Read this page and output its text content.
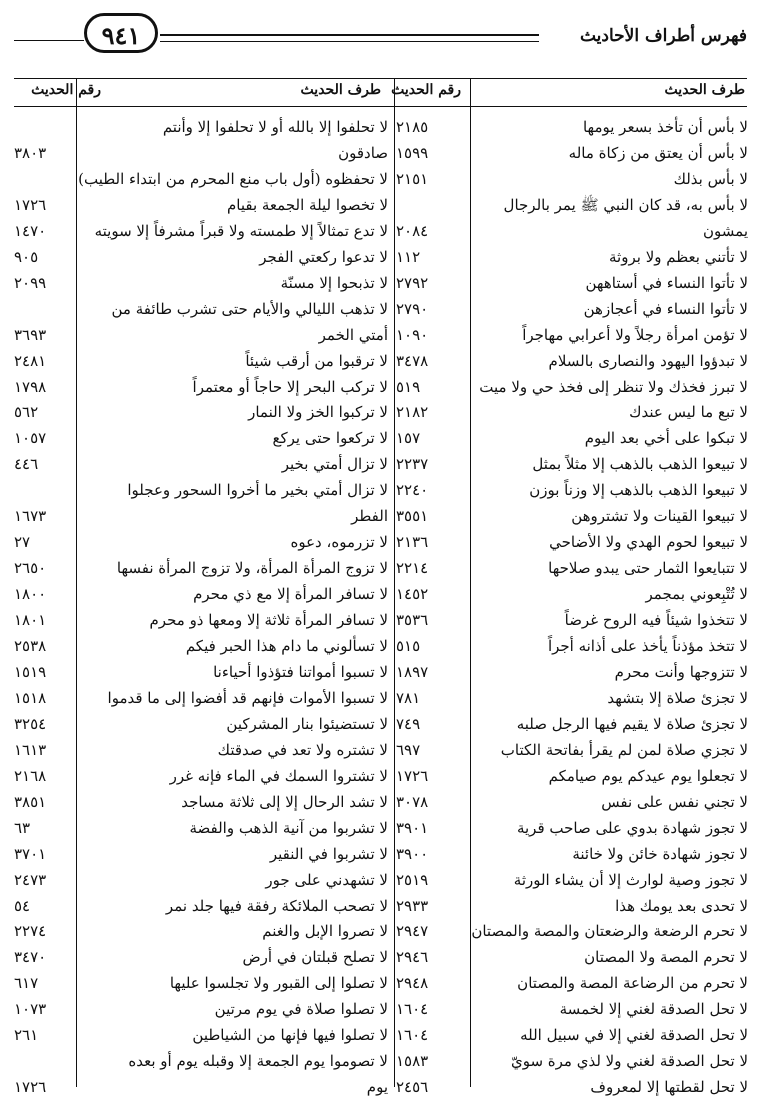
فهرس أطراف الأحاديث
٩٤١
طرف الحديث
رقم الحديث
طرف الحديث
رقم الحديث
لا بأس أن تأخذ بسعر يومها
٢١٨٥
لا بأس أن يعتق من زكاة ماله
١٥٩٩
لا بأس بذلك
٢١٥١
لا بأس به، قد كان النبي ﷺ يمر بالرجال
يمشون
٢٠٨٤
لا تأتني بعظم ولا بروثة
١١٢
لا تأتوا النساء في أستاههن
٢٧٩٢
لا تأتوا النساء في أعجازهن
٢٧٩٠
لا تؤمن امرأة رجلاً ولا أعرابي مهاجراً
١٠٩٠
لا تبدؤوا اليهود والنصارى بالسلام
٣٤٧٨
لا تبرز فخذك ولا تنظر إلى فخذ حي ولا ميت
٥١٩
لا تبع ما ليس عندك
٢١٨٢
لا تبكوا على أخي بعد اليوم
١٥٧
لا تبيعوا الذهب بالذهب إلا مثلاً بمثل
٢٢٣٧
لا تبيعوا الذهب بالذهب إلا وزناً بوزن
٢٢٤٠
لا تبيعوا القينات ولا تشتروهن
٣٥٥١
لا تبيعوا لحوم الهدي ولا الأضاحي
٢١٣٦
لا تتبايعوا الثمار حتى يبدو صلاحها
٢٢١٤
لا تُتْبِعوني بمجمر
١٤٥٢
لا تتخذوا شيئاً فيه الروح غرضاً
٣٥٣٦
لا تتخذ مؤذناً يأخذ على أذانه أجراً
٥١٥
لا تتزوجها وأنت محرم
١٨٩٧
لا تجزئ صلاة إلا بتشهد
٧٨١
لا تجزئ صلاة لا يقيم فيها الرجل صلبه
٧٤٩
لا تجزي صلاة لمن لم يقرأ بفاتحة الكتاب
٦٩٧
لا تجعلوا يوم عيدكم يوم صيامكم
١٧٢٦
لا تجني نفس على نفس
٣٠٧٨
لا تجوز شهادة بدوي على صاحب قرية
٣٩٠١
لا تجوز شهادة خائن ولا خائنة
٣٩٠٠
لا تجوز وصية لوارث إلا أن يشاء الورثة
٢٥١٩
لا تحدى بعد يومك هذا
٢٩٣٣
لا تحرم الرضعة والرضعتان والمصة والمصتان
٢٩٤٧
لا تحرم المصة ولا المصتان
٢٩٤٦
لا تحرم من الرضاعة المصة والمصتان
٢٩٤٨
لا تحل الصدقة لغني إلا لخمسة
١٦٠٤
لا تحل الصدقة لغني إلا في سبيل الله
١٦٠٤
لا تحل الصدقة لغني ولا لذي مرة سويّ
١٥٨٣
لا تحل لقطتها إلا لمعروف
٢٤٥٦
لا تحلفوا إلا بالله أو لا تحلفوا إلا وأنتم
صادقون
٣٨٠٣
لا تحفظوه (أول باب منع المحرم من ابتداء الطيب)
لا تخصوا ليلة الجمعة بقيام
١٧٢٦
لا تدع تمثالاً إلا طمسته ولا قبراً مشرفاً إلا سويته
١٤٧٠
لا تدعوا ركعتي الفجر
٩٠٥
لا تذبحوا إلا مسنّة
٢٠٩٩
لا تذهب الليالي والأيام حتى تشرب طائفة من
أمتي الخمر
٣٦٩٣
لا ترقبوا من أرقب شيئاً
٢٤٨١
لا تركب البحر إلا حاجاً أو معتمراً
١٧٩٨
لا تركبوا الخز ولا النمار
٥٦٢
لا تركعوا حتى يركع
١٠٥٧
لا تزال أمتي بخير
٤٤٦
لا تزال أمتي بخير ما أخروا السحور وعجلوا
الفطر
١٦٧٣
لا تزرموه، دعوه
٢٧
لا تزوج المرأة المرأة، ولا تزوج المرأة نفسها
٢٦٥٠
لا تسافر المرأة إلا مع ذي محرم
١٨٠٠
لا تسافر المرأة ثلاثة إلا ومعها ذو محرم
١٨٠١
لا تسألوني ما دام هذا الحبر فيكم
٢٥٣٨
لا تسبوا أمواتنا فتؤذوا أحياءنا
١٥١٩
لا تسبوا الأموات فإنهم قد أفضوا إلى ما قدموا
١٥١٨
لا تستضيئوا بنار المشركين
٣٢٥٤
لا تشتره ولا تعد في صدقتك
١٦١٣
لا تشتروا السمك في الماء فإنه غرر
٢١٦٨
لا تشد الرحال إلا إلى ثلاثة مساجد
٣٨٥١
لا تشربوا من آنية الذهب والفضة
٦٣
لا تشربوا في النقير
٣٧٠١
لا تشهدني على جور
٢٤٧٣
لا تصحب الملائكة رفقة فيها جلد نمر
٥٤
لا تصروا الإبل والغنم
٢٢٧٤
لا تصلح قبلتان في أرض
٣٤٧٠
لا تصلوا إلى القبور ولا تجلسوا عليها
٦١٧
لا تصلوا صلاة في يوم مرتين
١٠٧٣
لا تصلوا فيها فإنها من الشياطين
٢٦١
لا تصوموا يوم الجمعة إلا وقبله يوم أو بعده
يوم
١٧٢٦
